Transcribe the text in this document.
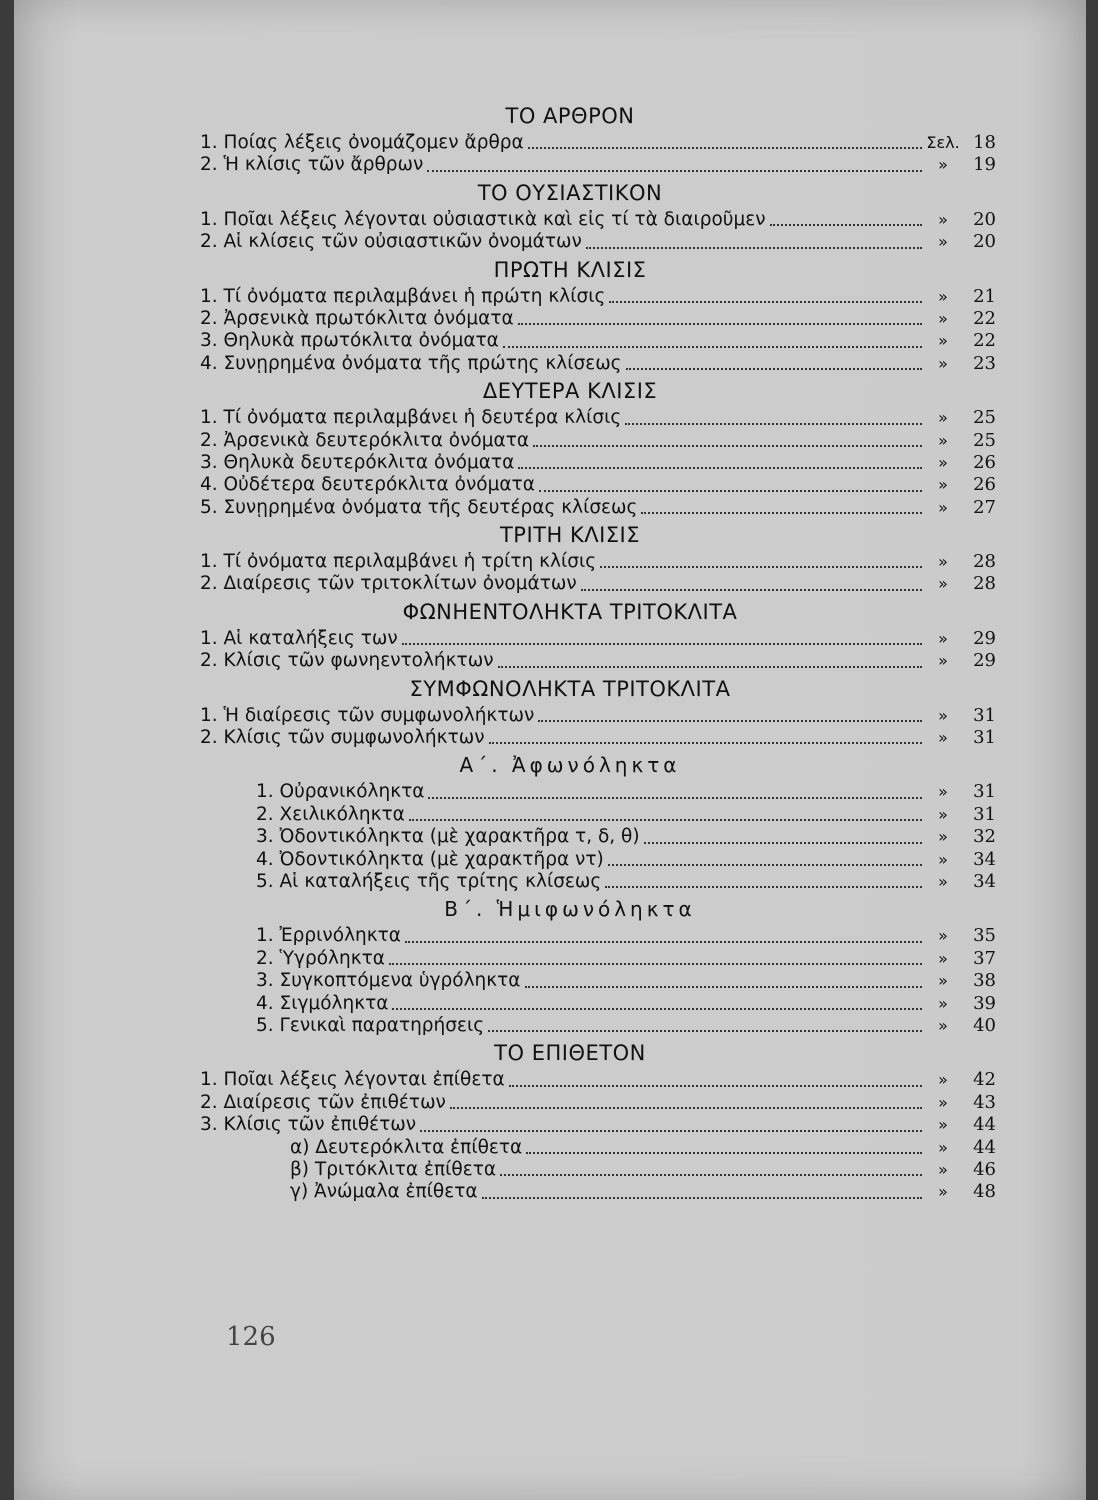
ΤΟ ΑΡΘΡΟΝ
1. Ποίας λέξεις ὀνομάζομεν ἄρθρα	Σελ. 18
2. Ἡ κλίσις τῶν ἄρθρων	»	19
ΤΟ ΟΥΣΙΑΣΤΙΚΟΝ
1. Ποῖαι λέξεις λέγονται οὐσιαστικὰ καὶ εἰς τί τὰ διαιροῦμεν	»	20
2. Αἱ κλίσεις τῶν οὐσιαστικῶν ὀνομάτων	»	20
ΠΡΩΤΗ ΚΛΙΣΙΣ
1. Τί ὀνόματα περιλαμβάνει ἡ πρώτη κλίσις	»	21
2. Ἀρσενικὰ πρωτόκλιτα ὀνόματα	»	22
3. Θηλυκὰ πρωτόκλιτα ὀνόματα	»	22
4. Συνῃρημένα ὀνόματα τῆς πρώτης κλίσεως	»	23
ΔΕΥΤΕΡΑ ΚΛΙΣΙΣ
1. Τί ὀνόματα περιλαμβάνει ἡ δευτέρα κλίσις	»	25
2. Ἀρσενικὰ δευτερόκλιτα ὀνόματα	»	25
3. Θηλυκὰ δευτερόκλιτα ὀνόματα	»	26
4. Οὐδέτερα δευτερόκλιτα ὀνόματα	»	26
5. Συνῃρημένα ὀνόματα τῆς δευτέρας κλίσεως	»	27
ΤΡΙΤΗ ΚΛΙΣΙΣ
1. Τί ὀνόματα περιλαμβάνει ἡ τρίτη κλίσις	»	28
2. Διαίρεσις τῶν τριτοκλίτων ὀνομάτων	»	28
ΦΩΝΗΕΝΤΟΛΗΚΤΑ ΤΡΙΤΟΚΛΙΤΑ
1. Αἱ καταλήξεις των	»	29
2. Κλίσις τῶν φωνηεντολήκτων	»	29
ΣΥΜΦΩΝΟΛΗΚΤΑ ΤΡΙΤΟΚΛΙΤΑ
1. Ἡ διαίρεσις τῶν συμφωνολήκτων	»	31
2. Κλίσις τῶν συμφωνολήκτων	»	31
Α΄. Ἀφωνόληκτα
1. Οὐρανικόληκτα	»	31
2. Χειλικόληκτα	»	31
3. Ὀδοντικόληκτα (μὲ χαρακτῆρα τ, δ, θ)	»	32
4. Ὀδοντικόληκτα (μὲ χαρακτῆρα ντ)	»	34
5. Αἱ καταλήξεις τῆς τρίτης κλίσεως	»	34
Β΄. Ἡμιφωνόληκτα
1. Ἐρρινόληκτα	»	35
2. Ὑγρόληκτα	»	37
3. Συγκοπτόμενα ὑγρόληκτα	»	38
4. Σιγμόληκτα	»	39
5. Γενικαὶ παρατηρήσεις	»	40
ΤΟ ΕΠΙΘΕΤΟΝ
1. Ποῖαι λέξεις λέγονται ἐπίθετα	»	42
2. Διαίρεσις τῶν ἐπιθέτων	»	43
3. Κλίσις τῶν ἐπιθέτων	»	44
α) Δευτερόκλιτα ἐπίθετα	»	44
β) Τριτόκλιτα ἐπίθετα	»	46
γ) Ἀνώμαλα ἐπίθετα	»	48
126
